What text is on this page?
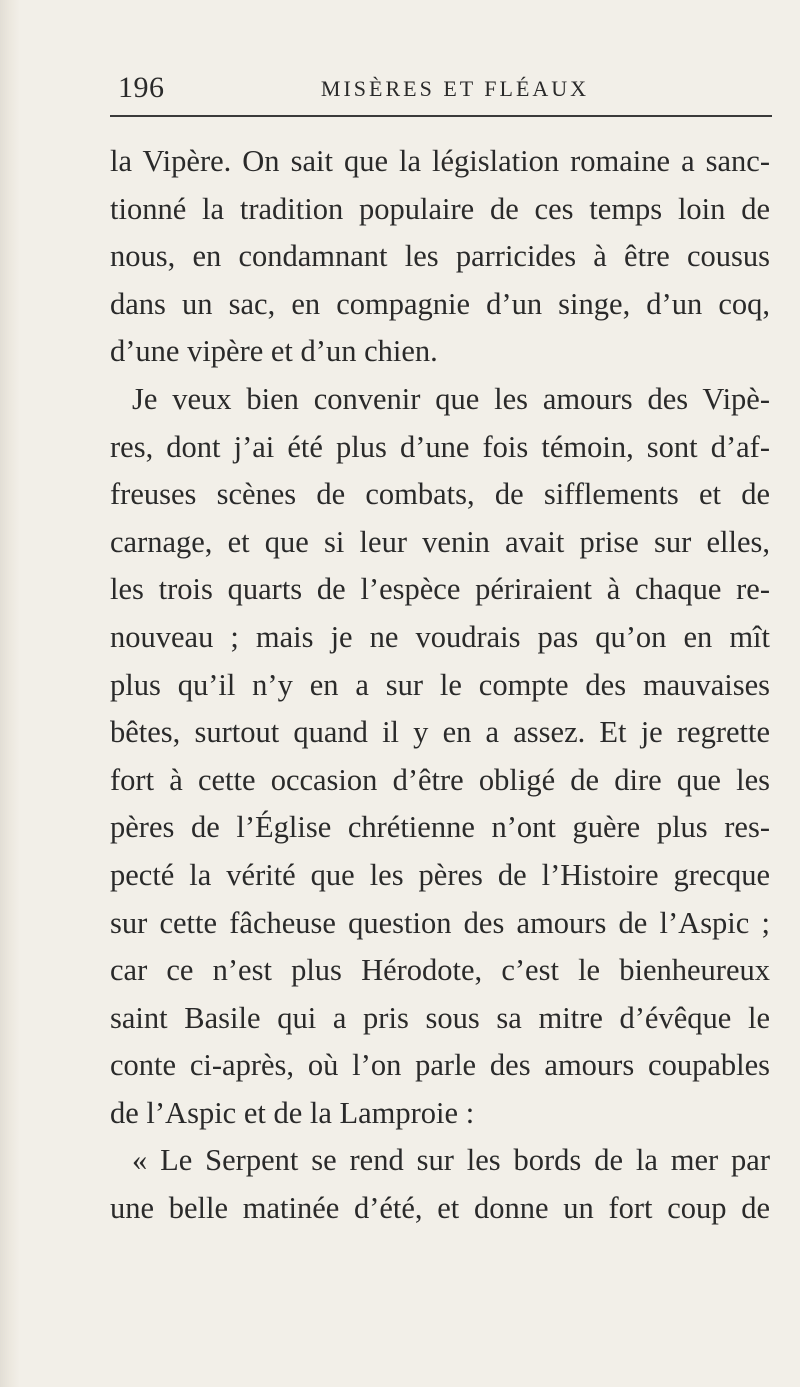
196	MISÈRES ET FLÉAUX
la Vipère. On sait que la législation romaine a sanc-
tionné la tradition populaire de ces temps loin de
nous, en condamnant les parricides à être cousus
dans un sac, en compagnie d’un singe, d’un coq,
d’une vipère et d’un chien.
Je veux bien convenir que les amours des Vipè-
res, dont j’ai été plus d’une fois témoin, sont d’af-
freuses scènes de combats, de sifflements et de
carnage, et que si leur venin avait prise sur elles,
les trois quarts de l’espèce périraient à chaque re-
nouveau ; mais je ne voudrais pas qu’on en mît
plus qu’il n’y en a sur le compte des mauvaises
bêtes, surtout quand il y en a assez. Et je regrette
fort à cette occasion d’être obligé de dire que les
pères de l’Église chrétienne n’ont guère plus res-
pecté la vérité que les pères de l’Histoire grecque
sur cette fâcheuse question des amours de l’Aspic ;
car ce n’est plus Hérodote, c’est le bienheureux
saint Basile qui a pris sous sa mitre d’évêque le
conte ci-après, où l’on parle des amours coupables
de l’Aspic et de la Lamproie :
« Le Serpent se rend sur les bords de la mer par
une belle matinée d’été, et donne un fort coup de
